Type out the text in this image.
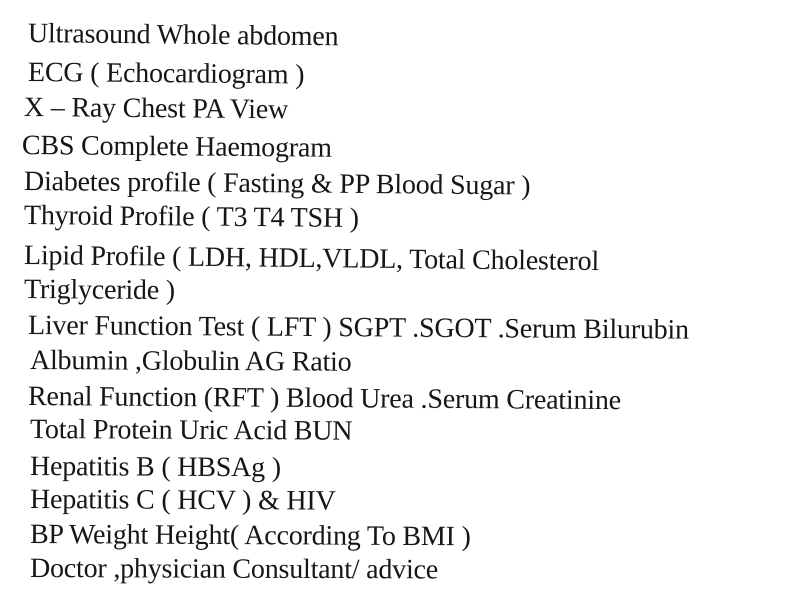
Ultrasound Whole abdomen
ECG ( Echocardiogram )
X – Ray Chest PA View
CBS Complete Haemogram
Diabetes profile ( Fasting & PP Blood Sugar )
Thyroid Profile ( T3 T4 TSH )
Lipid Profile ( LDH, HDL,VLDL, Total Cholesterol
Triglyceride )
Liver Function Test ( LFT ) SGPT .SGOT .Serum Bilurubin
Albumin ,Globulin AG Ratio
Renal Function (RFT ) Blood Urea .Serum Creatinine
Total Protein Uric Acid BUN
Hepatitis B ( HBSAg )
Hepatitis C ( HCV ) & HIV
BP Weight Height( According To BMI )
Doctor ,physician Consultant/ advice
